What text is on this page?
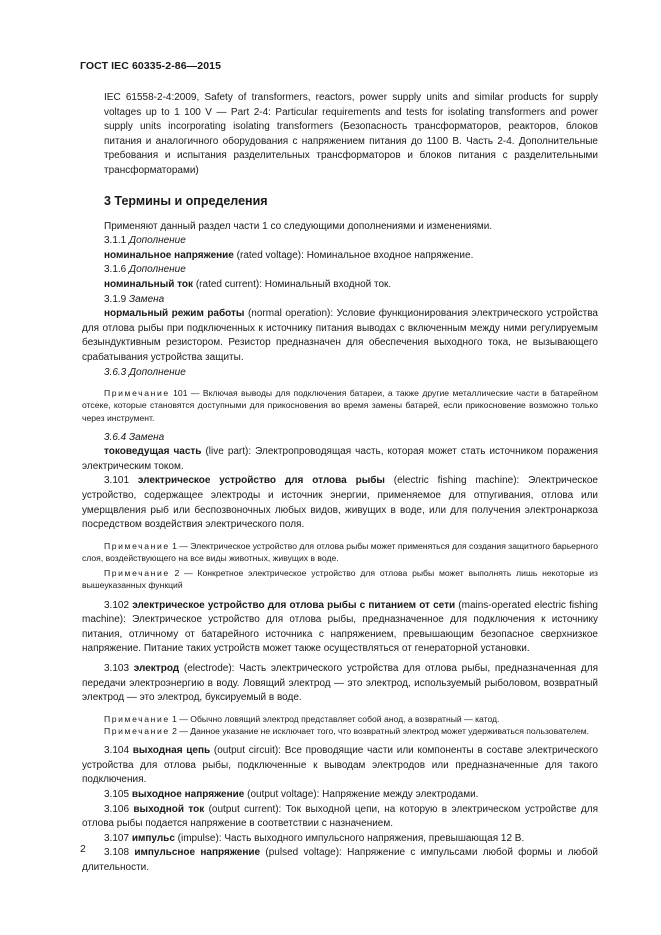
ГОСТ IEC 60335-2-86—2015

IEC 61558-2-4:2009, Safety of transformers, reactors, power supply units and similar products for supply voltages up to 1 100 V — Part 2-4: Particular requirements and tests for isolating transformers and power supply units incorporating isolating transformers (Безопасность трансформаторов, реакторов, блоков питания и аналогичного оборудования с напряжением питания до 1100 В. Часть 2-4. Дополнительные требования и испытания разделительных трансформаторов и блоков питания с разделительными трансформаторами)

3 Термины и определения

Применяют данный раздел части 1 со следующими дополнениями и изменениями.

3.1.1 Дополнение

номинальное напряжение (rated voltage): Номинальное входное напряжение.

3.1.6 Дополнение

номинальный ток (rated current): Номинальный входной ток.

3.1.9 Замена

нормальный режим работы (normal operation): Условие функционирования электрического устройства для отлова рыбы при подключенных к источнику питания выводах с включенным между ними регулируемым безындуктивным резистором. Резистор предназначен для обеспечения выходного тока, не вызывающего срабатывания устройства защиты.

3.6.3 Дополнение

Примечание 101 — Включая выводы для подключения батареи, а также другие металлические части в батарейном отсеке, которые становятся доступными для прикосновения во время замены батарей, если прикосновение возможно только через инструмент.

3.6.4 Замена

токоведущая часть (live part): Электропроводящая часть, которая может стать источником поражения электрическим током.

3.101 электрическое устройство для отлова рыбы (electric fishing machine): Электрическое устройство, содержащее электроды и источник энергии, применяемое для отпугивания, отлова или умерщвления рыб или беспозвоночных любых видов, живущих в воде, или для получения электронаркоза посредством воздействия электрического поля.

Примечание 1 — Электрическое устройство для отлова рыбы может применяться для создания защитного барьерного слоя, воздействующего на все виды животных, живущих в воде.

Примечание 2 — Конкретное электрическое устройство для отлова рыбы может выполнять лишь некоторые из вышеуказанных функций

3.102 электрическое устройство для отлова рыбы с питанием от сети (mains-operated electric fishing machine): Электрическое устройство для отлова рыбы, предназначенное для подключения к источнику питания, отличному от батарейного источника с напряжением, превышающим безопасное сверхнизкое напряжение. Питание таких устройств может также осуществляться от генераторной установки.

3.103 электрод (electrode): Часть электрического устройства для отлова рыбы, предназначенная для передачи электроэнергию в воду. Ловящий электрод — это электрод, используемый рыболовом, возвратный электрод — это электрод, буксируемый в воде.

Примечание 1 — Обычно ловящий электрод представляет собой анод, а возвратный — катод.

Примечание 2 — Данное указание не исключает того, что возвратный электрод может удерживаться пользователем.

3.104 выходная цепь (output circuit): Все проводящие части или компоненты в составе электрического устройства для отлова рыбы, подключенные к выводам электродов или предназначенные для такого подключения.

3.105 выходное напряжение (output voltage): Напряжение между электродами.

3.106 выходной ток (output current): Ток выходной цепи, на которую в электрическом устройстве для отлова рыбы подается напряжение в соответствии с назначением.

3.107 импульс (impulse): Часть выходного импульсного напряжения, превышающая 12 В.

3.108 импульсное напряжение (pulsed voltage): Напряжение с импульсами любой формы и любой длительности.

2
